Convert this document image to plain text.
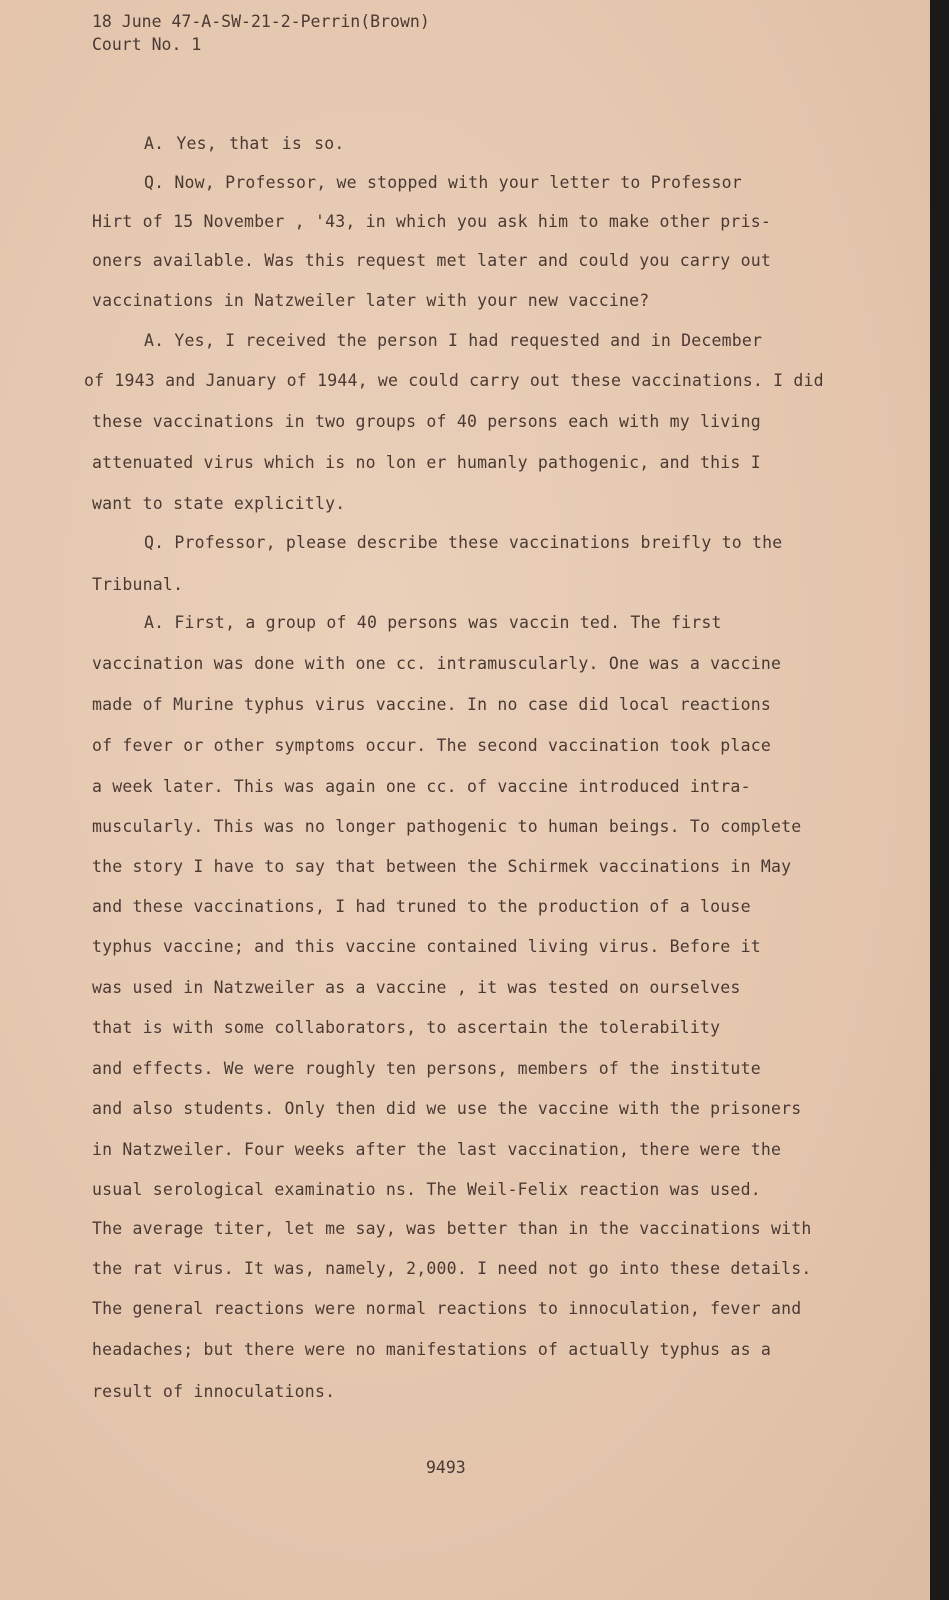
18 June 47-A-SW-21-2-Perrin(Brown)
Court No. 1
A. Yes, that is so.
Q. Now, Professor, we stopped with your letter to Professor
Hirt of 15 November , '43, in which you ask him to make other pris-
oners available. Was this request met later and could you carry out
vaccinations in Natzweiler later with your new vaccine?
A. Yes, I received the person I had requested and in December
of 1943 and January of 1944, we could carry out these vaccinations. I did
these vaccinations in two groups of 40 persons each with my living
attenuated virus which is no lon er humanly pathogenic, and this I
want to state explicitly.
Q. Professor, please describe these vaccinations breifly to the
Tribunal.
A. First, a group of 40 persons was vaccin ted. The first
vaccination was done with one cc. intramuscularly. One was a vaccine
made of Murine typhus virus vaccine. In no case did local reactions
of fever or other symptoms occur. The second vaccination took place
a week later. This was again one cc. of vaccine introduced intra-
muscularly. This was no longer pathogenic to human beings. To complete
the story I have to say that between the Schirmek vaccinations in May
and these vaccinations, I had truned to the production of a louse
typhus vaccine; and this vaccine contained living virus. Before it
was used in Natzweiler as a vaccine , it was tested on ourselves
that is with some collaborators, to ascertain the tolerability
and effects. We were roughly ten persons, members of the institute
and also students. Only then did we use the vaccine with the prisoners
in Natzweiler. Four weeks after the last vaccination, there were the
usual serological examinatio ns. The Weil-Felix reaction was used.
The average titer, let me say, was better than in the vaccinations with
the rat virus. It was, namely, 2,000. I need not go into these details.
The general reactions were normal reactions to innoculation, fever and
headaches; but there were no manifestations of actually typhus as a
result of innoculations.
9493
